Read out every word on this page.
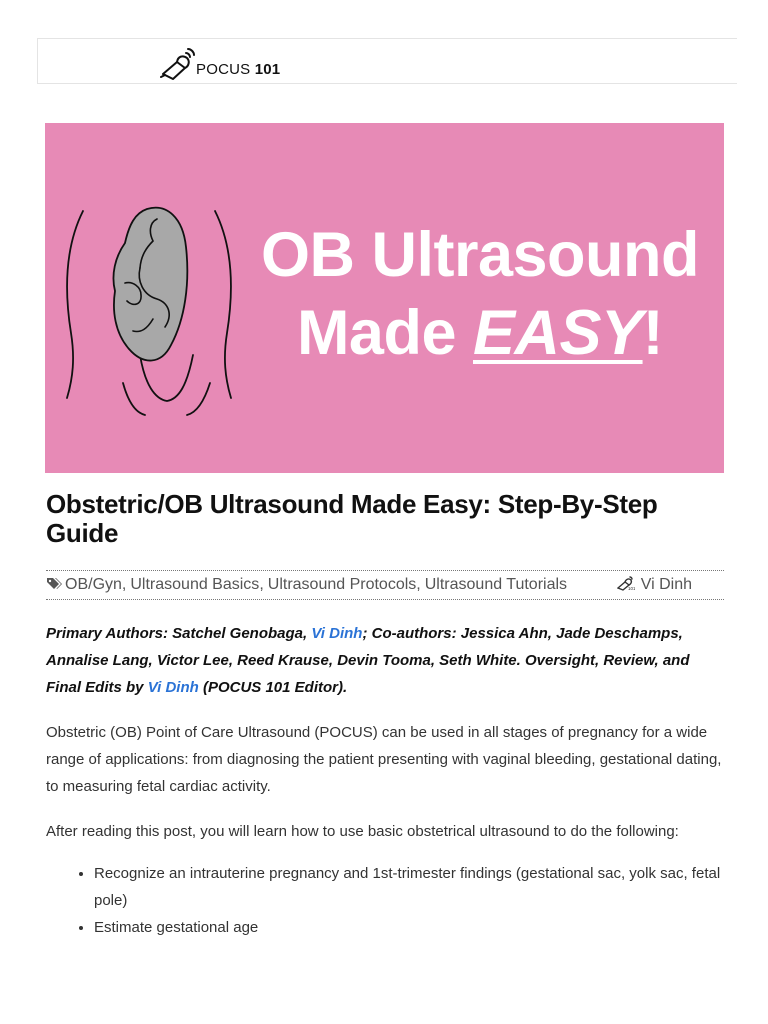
POCUS 101
OB Ultrasound
Made EASY!
Obstetric/OB Ultrasound Made Easy: Step-By-Step Guide
OB/Gyn , Ultrasound Basics , Ultrasound Protocols , Ultrasound Tutorials	101 Vi Dinh

Primary Authors: Satchel Genobaga, Vi Dinh; Co-authors: Jessica Ahn, Jade Deschamps, Annalise Lang, Victor Lee, Reed Krause, Devin Tooma, Seth White. Oversight, Review, and Final Edits by Vi Dinh (POCUS 101 Editor).

Obstetric (OB) Point of Care Ultrasound (POCUS) can be used in all stages of pregnancy for a wide range of applications: from diagnosing the patient presenting with vaginal bleeding, gestational dating, to measuring fetal cardiac activity.

After reading this post, you will learn how to use basic obstetrical ultrasound to do the following:

• Recognize an intrauterine pregnancy and 1st-trimester findings (gestational sac, yolk sac, fetal pole)
• Estimate gestational age
